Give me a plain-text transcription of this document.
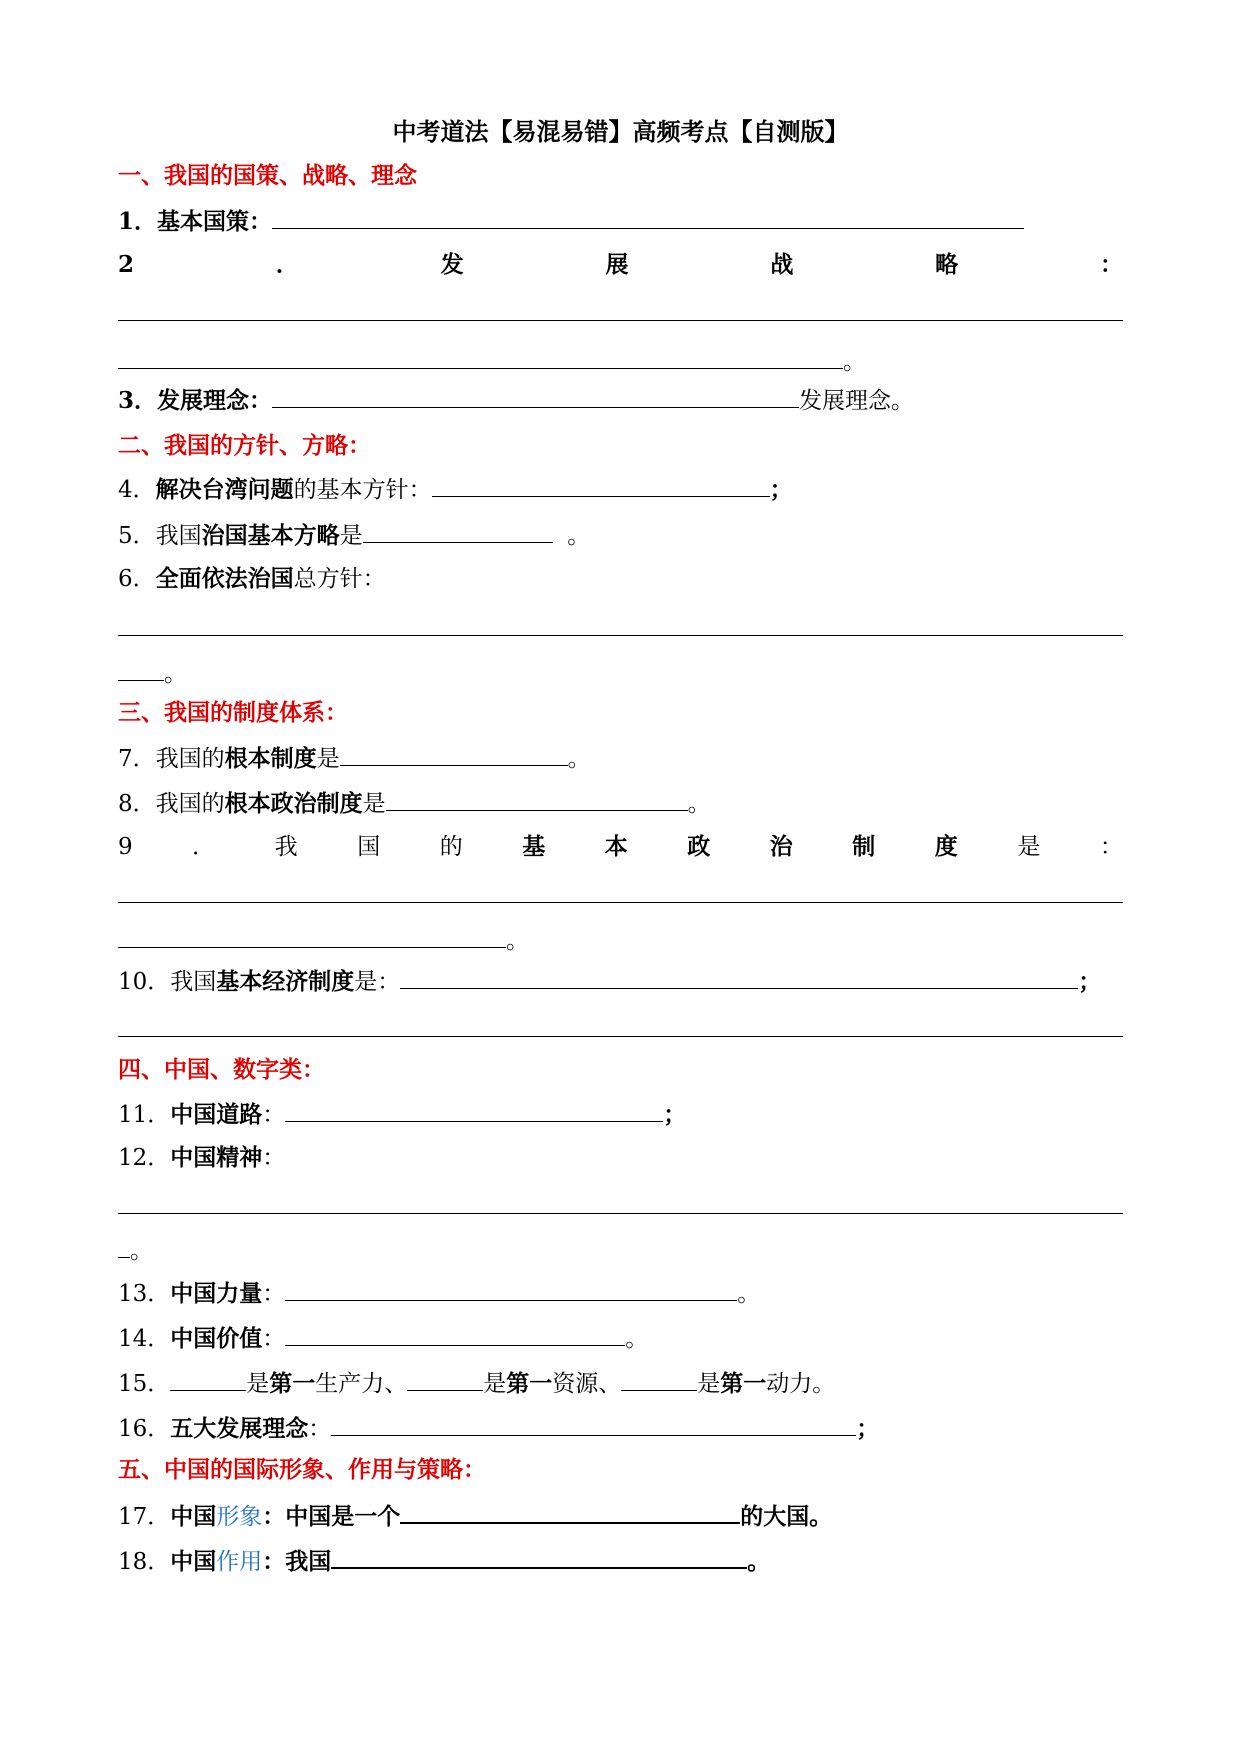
中考道法【易混易错】高频考点【自测版】
一、我国的国策、战略、理念
1．基本国策：
2	．	发	展	战	略	：
。
3．发展理念：	发展理念。
二、我国的方针、方略：
4．解决台湾问题的基本方针：	；
5．我国治国基本方略是	。
6．全面依法治国总方针：
。
三、我国的制度体系：
7．我国的根本制度是	。
8．我国的根本政治制度是	。
9	．	我	国	的	基	本	政	治	制	度	是	：
。
10．我国基本经济制度是：	；
四、中国、数字类：
11．中国道路：	；
12．中国精神：
。
13．中国力量：	。
14．中国价值：	。
15．	是第一生产力、	是第一资源、	是第一动力。
16．五大发展理念：	；
五、中国的国际形象、作用与策略：
17．中国形象：中国是一个	的大国。
18．中国作用：我国	。
